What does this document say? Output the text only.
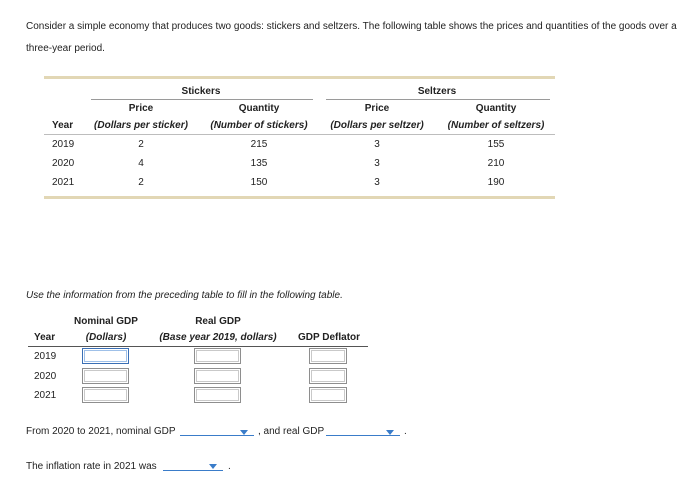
Consider a simple economy that produces two goods: stickers and seltzers. The following table shows the prices and quantities of the goods over a three-year period.
Stickers	Seltzers
Price	Quantity	Price	Quantity
Year	(Dollars per sticker)	(Number of stickers)	(Dollars per seltzer)	(Number of seltzers)
2019	2	215	3	155
2020	4	135	3	210
2021	2	150	3	190
Use the information from the preceding table to fill in the following table.
Nominal GDP	Real GDP
Year	(Dollars)	(Base year 2019, dollars)	GDP Deflator
2019
2020
2021
From 2020 to 2021, nominal GDP	, and real GDP	.
The inflation rate in 2021 was	.
